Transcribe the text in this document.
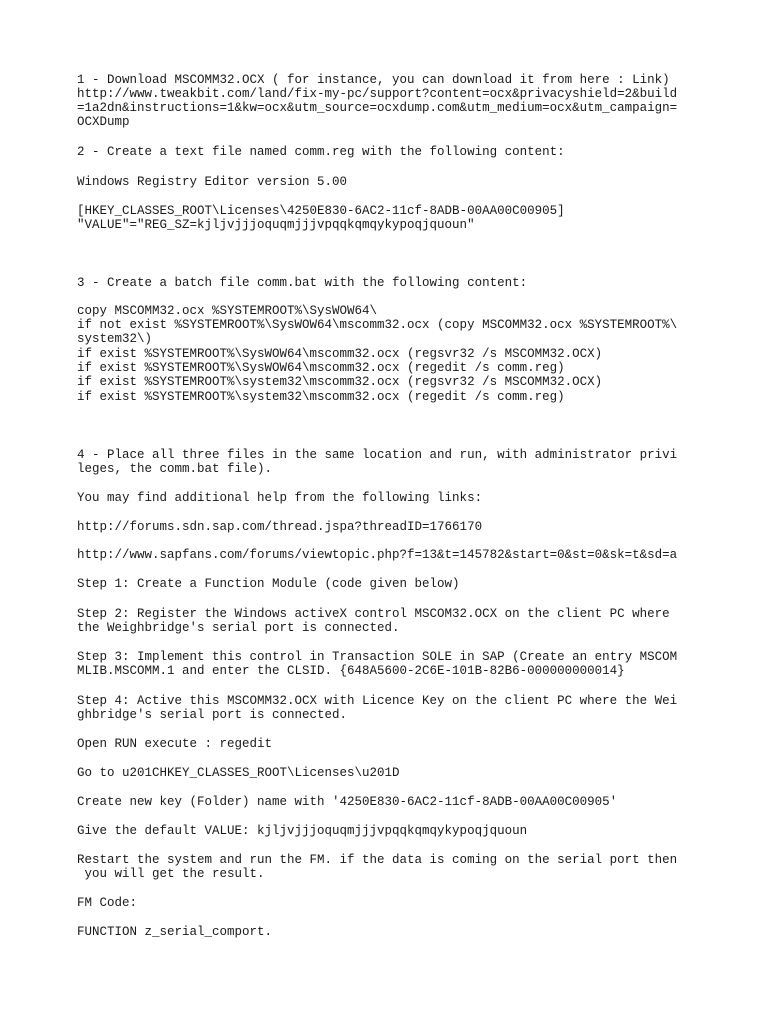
1 - Download MSCOMM32.OCX ( for instance, you can download it from here : Link)
http://www.tweakbit.com/land/fix-my-pc/support?content=ocx&privacyshield=2&build
=1a2dn&instructions=1&kw=ocx&utm_source=ocxdump.com&utm_medium=ocx&utm_campaign=
OCXDump
2 - Create a text file named comm.reg with the following content:
Windows Registry Editor version 5.00
[HKEY_CLASSES_ROOT\Licenses\4250E830-6AC2-11cf-8ADB-00AA00C00905]
"VALUE"="REG_SZ=kjljvjjjoquqmjjjvpqqkqmqykypoqjquoun"
3 - Create a batch file comm.bat with the following content:
copy MSCOMM32.ocx %SYSTEMROOT%\SysWOW64\
if not exist %SYSTEMROOT%\SysWOW64\mscomm32.ocx (copy MSCOMM32.ocx %SYSTEMROOT%\
system32\)
if exist %SYSTEMROOT%\SysWOW64\mscomm32.ocx (regsvr32 /s MSCOMM32.OCX)
if exist %SYSTEMROOT%\SysWOW64\mscomm32.ocx (regedit /s comm.reg)
if exist %SYSTEMROOT%\system32\mscomm32.ocx (regsvr32 /s MSCOMM32.OCX)
if exist %SYSTEMROOT%\system32\mscomm32.ocx (regedit /s comm.reg)
4 - Place all three files in the same location and run, with administrator privi
leges, the comm.bat file).
You may find additional help from the following links:
http://forums.sdn.sap.com/thread.jspa?threadID=1766170
http://www.sapfans.com/forums/viewtopic.php?f=13&t=145782&start=0&st=0&sk=t&sd=a
Step 1: Create a Function Module (code given below)
Step 2: Register the Windows activeX control MSCOM32.OCX on the client PC where
the Weighbridge's serial port is connected.
Step 3: Implement this control in Transaction SOLE in SAP (Create an entry MSCOM
MLIB.MSCOMM.1 and enter the CLSID. {648A5600-2C6E-101B-82B6-000000000014}
Step 4: Active this MSCOMM32.OCX with Licence Key on the client PC where the Wei
ghbridge's serial port is connected.
Open RUN execute : regedit
Go to u201CHKEY_CLASSES_ROOT\Licenses\u201D
Create new key (Folder) name with '4250E830-6AC2-11cf-8ADB-00AA00C00905'
Give the default VALUE: kjljvjjjoquqmjjjvpqqkqmqykypoqjquoun
Restart the system and run the FM. if the data is coming on the serial port then
you will get the result.
FM Code:
FUNCTION z_serial_comport.
